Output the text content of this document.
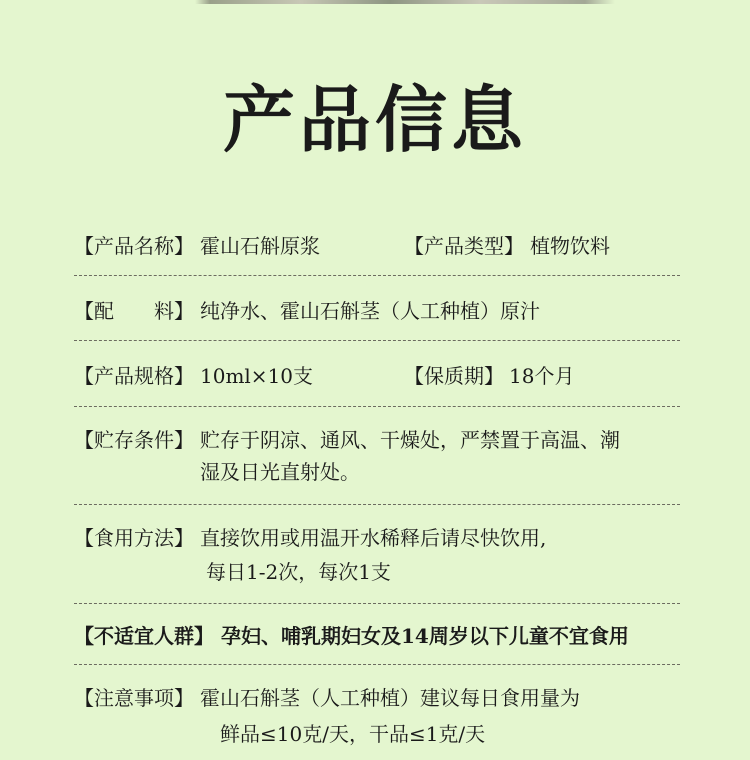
产品信息
【产品名称】 霍山石斛原浆	【产品类型】 植物饮料
【配　　料】 纯净水、霍山石斛茎（人工种植）原汁
【产品规格】 10ml×10支	【保质期】 18个月
【贮存条件】 贮存于阴凉、通风、干燥处，严禁置于高温、潮
湿及日光直射处。
【食用方法】 直接饮用或用温开水稀释后请尽快饮用,
每日1-2次，每次1支
【不适宜人群】 孕妇、哺乳期妇女及14周岁以下儿童不宜食用
【注意事项】 霍山石斛茎（人工种植）建议每日食用量为
鲜品≤10克/天，干品≤1克/天
